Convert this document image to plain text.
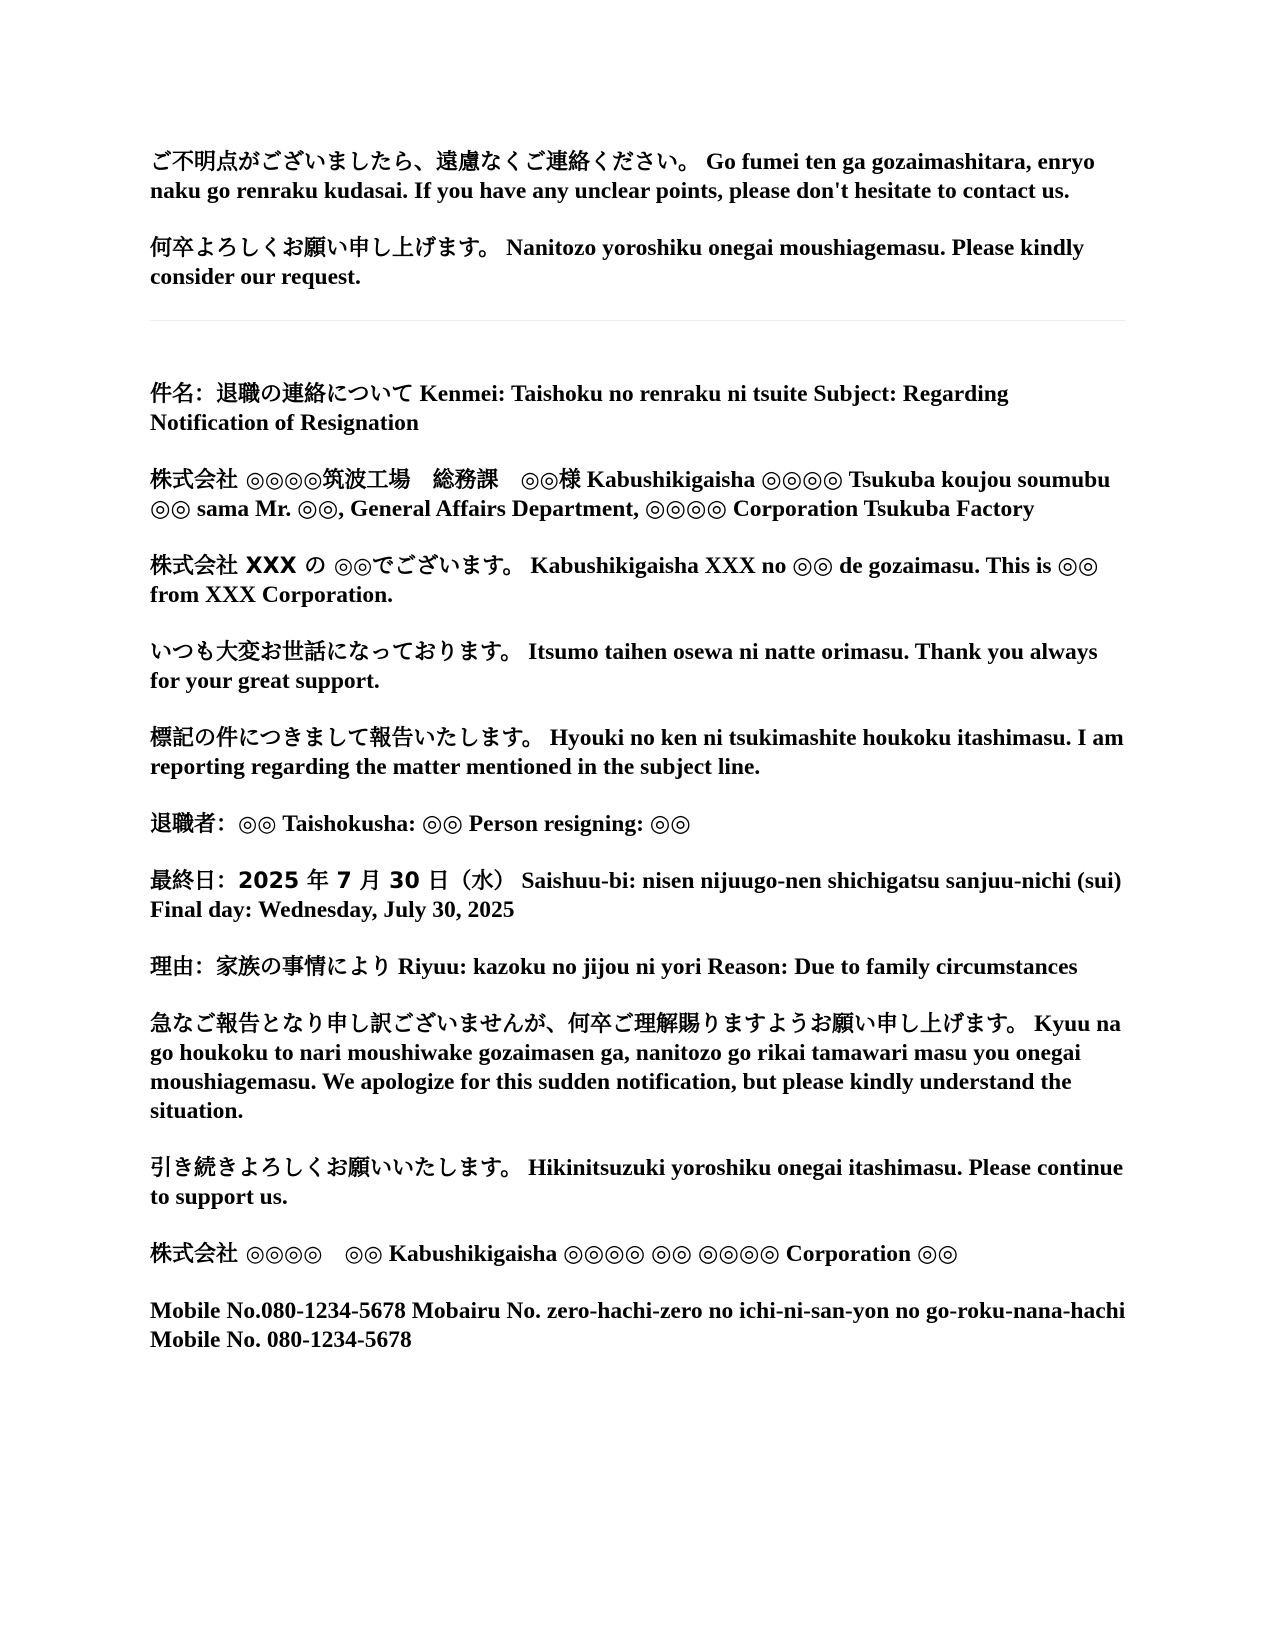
ご不明点がございましたら、遠慮なくご連絡ください。 Go fumei ten ga gozaimashitara, enryo naku go renraku kudasai. If you have any unclear points, please don't hesitate to contact us.

何卒よろしくお願い申し上げます。 Nanitozo yoroshiku onegai moushiagemasu. Please kindly consider our request.

件名：退職の連絡について Kenmei: Taishoku no renraku ni tsuite Subject: Regarding Notification of Resignation

株式会社 ◎◎◎◎筑波工場　総務課　◎◎様 Kabushikigaisha ◎◎◎◎ Tsukuba koujou soumubu ◎◎ sama Mr. ◎◎, General Affairs Department, ◎◎◎◎ Corporation Tsukuba Factory

株式会社 XXX の ◎◎でございます。 Kabushikigaisha XXX no ◎◎ de gozaimasu. This is ◎◎ from XXX Corporation.

いつも大変お世話になっております。 Itsumo taihen osewa ni natte orimasu. Thank you always for your great support.

標記の件につきまして報告いたします。 Hyouki no ken ni tsukimashite houkoku itashimasu. I am reporting regarding the matter mentioned in the subject line.

退職者：◎◎ Taishokusha: ◎◎ Person resigning: ◎◎

最終日：2025 年 7 月 30 日（水） Saishuu-bi: nisen nijuugo-nen shichigatsu sanjuu-nichi (sui) Final day: Wednesday, July 30, 2025

理由：家族の事情により Riyuu: kazoku no jijou ni yori Reason: Due to family circumstances

急なご報告となり申し訳ございませんが、何卒ご理解賜りますようお願い申し上げます。 Kyuu na go houkoku to nari moushiwake gozaimasen ga, nanitozo go rikai tamawari masu you onegai moushiagemasu. We apologize for this sudden notification, but please kindly understand the situation.

引き続きよろしくお願いいたします。 Hikinitsuzuki yoroshiku onegai itashimasu. Please continue to support us.

株式会社 ◎◎◎◎　◎◎ Kabushikigaisha ◎◎◎◎ ◎◎ ◎◎◎◎ Corporation ◎◎

Mobile No.080-1234-5678 Mobairu No. zero-hachi-zero no ichi-ni-san-yon no go-roku-nana-hachi Mobile No. 080-1234-5678
